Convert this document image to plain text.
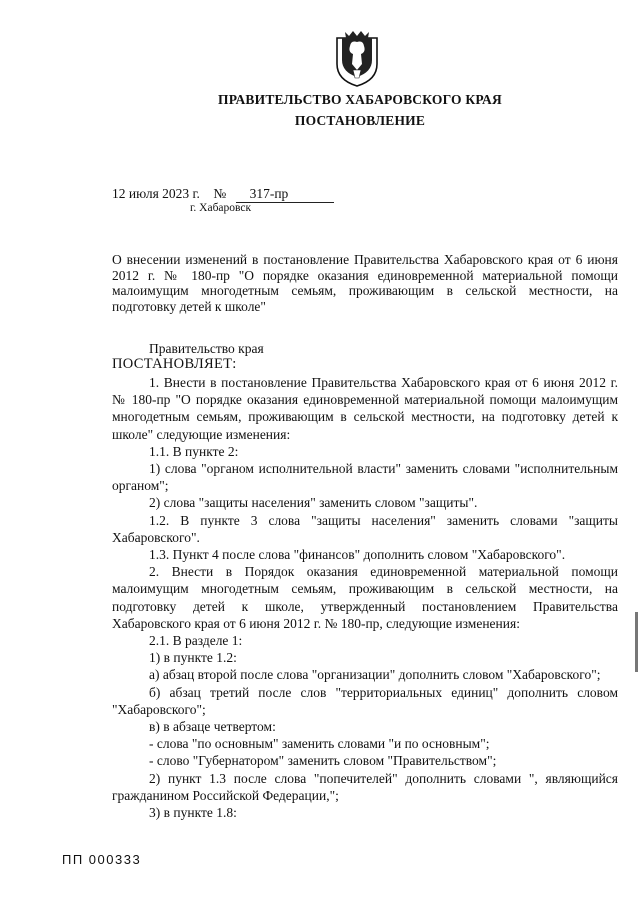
ПРАВИТЕЛЬСТВО ХАБАРОВСКОГО КРАЯ
ПОСТАНОВЛЕНИЕ
12 июля 2023 г. № 317-пр
г. Хабаровск
О внесении изменений в постановление Правительства Хабаровского края от 6 июня 2012 г. № 180-пр "О порядке оказания единовременной материальной помощи малоимущим многодетным семьям, проживающим в сельской местности, на подготовку детей к школе"
Правительство края
ПОСТАНОВЛЯЕТ:

1. Внести в постановление Правительства Хабаровского края от 6 июня 2012 г. № 180-пр "О порядке оказания единовременной материальной помощи малоимущим многодетным семьям, проживающим в сельской местности, на подготовку детей к школе" следующие изменения:

1.1. В пункте 2:

1) слова "органом исполнительной власти" заменить словами "исполнительным органом";

2) слова "защиты населения" заменить словом "защиты".

1.2. В пункте 3 слова "защиты населения" заменить словами "защиты Хабаровского".

1.3. Пункт 4 после слова "финансов" дополнить словом "Хабаровского".

2. Внести в Порядок оказания единовременной материальной помощи малоимущим многодетным семьям, проживающим в сельской местности, на подготовку детей к школе, утвержденный постановлением Правительства Хабаровского края от 6 июня 2012 г. № 180-пр, следующие изменения:

2.1. В разделе 1:

1) в пункте 1.2:

а) абзац второй после слова "организации" дополнить словом "Хабаровского";

б) абзац третий после слов "территориальных единиц" дополнить словом "Хабаровского";

в) в абзаце четвертом:

- слова "по основным" заменить словами "и по основным";

- слово "Губернатором" заменить словом "Правительством";

2) пункт 1.3 после слова "попечителей" дополнить словами ", являющийся гражданином Российской Федерации,";

3) в пункте 1.8:

ПП 000333
